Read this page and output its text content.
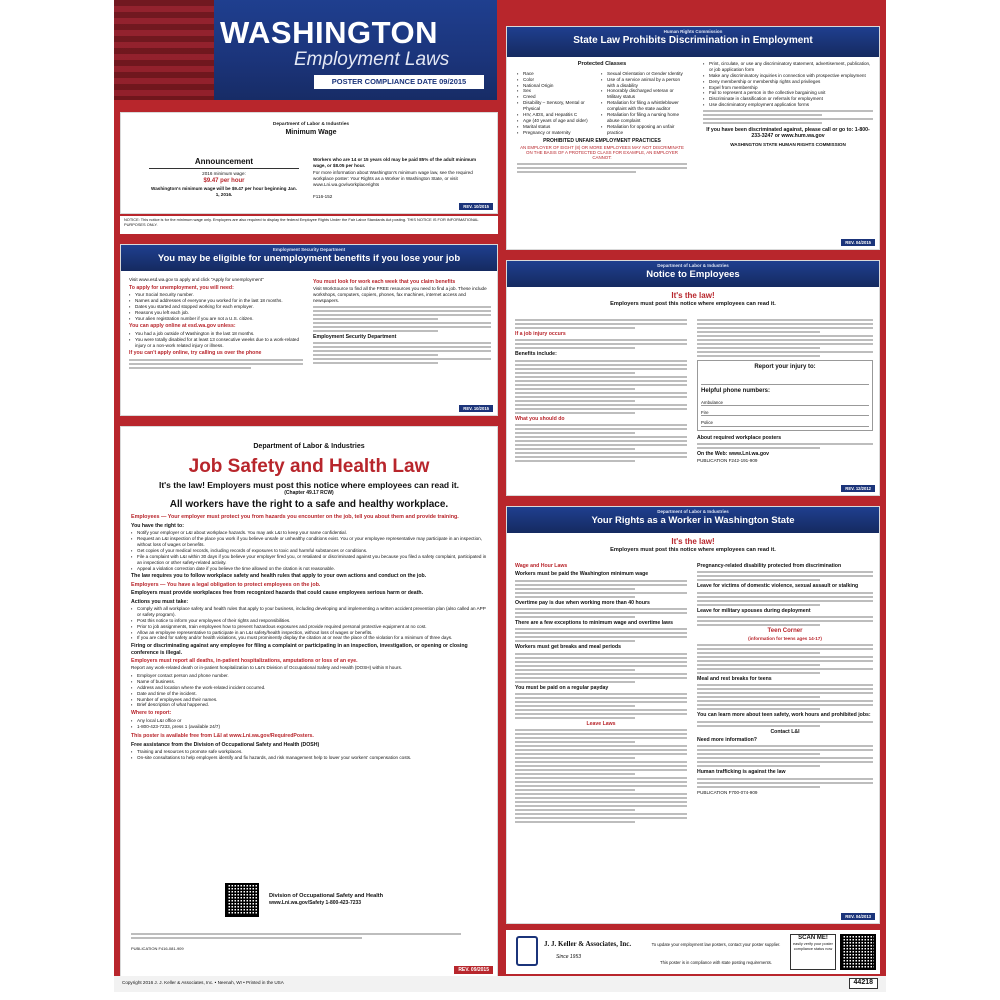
WASHINGTON
Employment Laws
POSTER COMPLIANCE DATE 09/2015
Department of Labor & Industries
Minimum Wage
Announcement
2016 minimum wage:
$9.47 per hour
Washington's minimum wage will be $9.47 per hour beginning Jan. 1, 2016.
Workers who are 14 or 15 years old may be paid 85% of the adult minimum wage, or $8.05 per hour.
For more information about Washington's minimum wage law, see the required workplace poster: Your Rights as a Worker in Washington State, or visit www.Lni.wa.gov/workplacerights
F116-152
REV. 10/2015
NOTICE: This notice is for the minimum wage only. Employers are also required to display the federal Employee Rights Under the Fair Labor Standards Act posting. THIS NOTICE IS FOR INFORMATIONAL PURPOSES ONLY.
Employment Security Department
You may be eligible for unemployment benefits if you lose your job
Visit www.esd.wa.gov to apply and click "Apply for unemployment"
To apply for unemployment, you will need:
▪ Your Social Security number.
▪ Names and addresses of everyone you worked for in the last 18 months.
▪ Dates you started and stopped working for each employer.
▪ Reasons you left each job.
▪ Your alien registration number if you are not a U.S. citizen.
You can apply online at esd.wa.gov unless:
▪ You had a job outside of Washington in the last 18 months.
▪ You were totally disabled for at least 13 consecutive weeks due to a work-related injury or a non-work related injury or illness.
If you can't apply online, try calling us over the phone
You must look for work each week that you claim benefits
Visit WorkSource to find all the FREE resources you need to find a job. These include workshops, computers, copiers, phones, fax machines, internet access and newspapers.
Employment Security Department
REV. 10/2015
Department of Labor & Industries
Job Safety and Health Law
It's the law! Employers must post this notice where employees can read it.
(Chapter 49.17 RCW)
All workers have the right to a safe and healthy workplace.
Employees — Your employer must protect you from hazards you encounter on the job, tell you about them and provide training.
You have the right to:
▪ Notify your employer or L&I about workplace hazards. You may ask L&I to keep your name confidential.
▪ Request an L&I inspection of the place you work if you believe unsafe or unhealthy conditions exist. You or your employee representative may participate in an inspection, without loss of wages or benefits.
▪ Get copies of your medical records, including records of exposures to toxic and harmful substances or conditions.
▪ File a complaint with L&I within 30 days if you believe your employer fired you, or retaliated or discriminated against you because you filed a safety complaint, participated in an inspection or other safety-related activity.
▪ Appeal a violation correction date if you believe the time allowed on the citation is not reasonable.
The law requires you to follow workplace safety and health rules that apply to your own actions and conduct on the job.
Employers — You have a legal obligation to protect employees on the job.
Employers must provide workplaces free from recognized hazards that could cause employees serious harm or death.
Actions you must take:
▪ Comply with all workplace safety and health rules that apply to your business, including developing and implementing a written accident prevention plan (also called an APP or safety program).
▪ Post this notice to inform your employees of their rights and responsibilities.
▪ Prior to job assignments, train employees how to prevent hazardous exposures and provide required personal protective equipment at no cost.
▪ Allow an employee representative to participate in an L&I safety/health inspection, without loss of wages or benefits.
▪ If you are cited for safety and/or health violations, you must prominently display the citation at or near the place of the violation for a minimum of three days.
Firing or discriminating against any employee for filing a complaint or participating in an inspection, investigation, or opening or closing conference is illegal.
Employers must report all deaths, in-patient hospitalizations, amputations or loss of an eye.
Report any work-related death or in-patient hospitalization to L&I's Division of Occupational Safety and Health (DOSH) within 8 hours.
▪ Employer contact person and phone number.
▪ Name of business.
▪ Address and location where the work-related incident occurred.
▪ Date and time of the incident.
▪ Number of employees and their names.
▪ Brief description of what happened.
Where to report:
▪ Any local L&I office or
▪ 1-800-423-7233, press 1 (available 24/7)
This poster is available free from L&I at www.Lni.wa.gov/RequiredPosters.
Free assistance from the Division of Occupational Safety and Health (DOSH)
▪ Training and resources to promote safe workplaces.
▪ On-site consultations to help employers identify and fix hazards, and risk management help to lower your workers' compensation costs.
Division of Occupational Safety and Health
www.Lni.wa.gov/Safety 1-800-423-7233
PUBLICATION F416-081-909
REV. 09/2015
Human Rights Commission
State Law Prohibits Discrimination in Employment
Protected Classes
▪ Race
▪ Color
▪ National Origin
▪ Sex
▪ Creed
▪ Disability – Sensory, Mental or Physical
▪ HIV, AIDS, and Hepatitis C
▪ Age (40 years of age and older)
▪ Marital status
▪ Pregnancy or maternity
▪ Sexual Orientation or Gender Identity
▪ Use of a service animal by a person with a disability
▪ Honorably discharged veteran or Military status
▪ Retaliation for filing a whistleblower complaint with the state auditor
▪ Retaliation for filing a nursing home abuse complaint
▪ Retaliation for opposing an unfair practice
PROHIBITED UNFAIR EMPLOYMENT PRACTICES
AN EMPLOYER OF EIGHT (8) OR MORE EMPLOYEES MAY NOT DISCRIMINATE ON THE BASIS OF A PROTECTED CLASS FOR EXAMPLE, AN EMPLOYER CANNOT:
▪ Print, circulate, or use any discriminatory statement, advertisement, publication, or job application form
▪ Make any discriminatory inquiries in connection with prospective employment
▪ Deny membership or membership rights and privileges
▪ Expel from membership
▪ Fail to represent a person in the collective bargaining unit
▪ Discriminate in classification or referrals for employment
▪ Use discriminatory employment application forms
If you have been discriminated against, please call or go to: 1-800-233-3247 or www.hum.wa.gov
WASHINGTON STATE HUMAN RIGHTS COMMISSION
REV. 04/2015
Department of Labor & Industries
Notice to Employees
It's the law!
Employers must post this notice where employees can read it.
If a job injury occurs
Benefits include:
What you should do
Report your injury to:
Helpful phone numbers:
Ambulance
Fire
Police
About required workplace posters
On the Web: www.Lni.wa.gov
PUBLICATION F242-191-909
REV. 12/2012
Department of Labor & Industries
Your Rights as a Worker in Washington State
It's the law!
Employers must post this notice where employees can read it.
Wage and Hour Laws
Workers must be paid the Washington minimum wage
Overtime pay is due when working more than 40 hours
There are a few exceptions to minimum wage and overtime laws
Workers must get breaks and meal periods
You must be paid on a regular payday
Leave Laws
Pregnancy-related disability protected from discrimination
Leave for victims of domestic violence, sexual assault or stalking
Leave for military spouses during deployment
Teen Corner
(information for teens ages 14-17)
Meal and rest breaks for teens
You can learn more about teen safety, work hours and prohibited jobs:
Contact L&I
Need more information?
Human trafficking is against the law
PUBLICATION F700-074-909
REV. 04/2013
J. J. Keller & Associates, Inc.
Since 1953
To update your employment law posters, contact your poster supplier.
This poster is in compliance with state posting requirements.
SCAN ME!
easily verify your poster compliance status now
Copyright 2016 J. J. Keller & Associates, Inc. • Neenah, WI • Printed in the USA	44218
